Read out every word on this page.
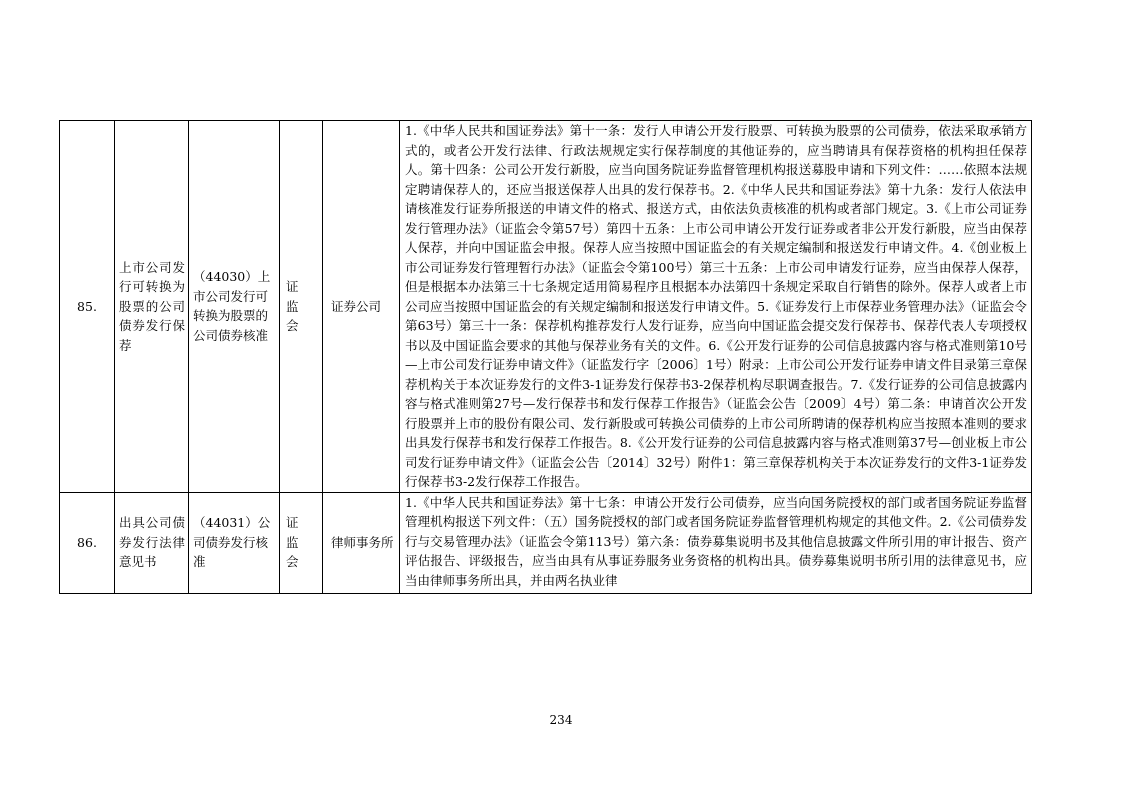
85.	上市公司发行可转换为股票的公司债券发行保荐	（44030）上市公司发行可转换为股票的公司债券核准	证监会	证券公司	1.《中华人民共和国证券法》第十一条：发行人申请公开发行股票、可转换为股票的公司债券，依法采取承销方式的，或者公开发行法律、行政法规规定实行保荐制度的其他证券的，应当聘请具有保荐资格的机构担任保荐人。第十四条：公司公开发行新股，应当向国务院证券监督管理机构报送募股申请和下列文件：……依照本法规定聘请保荐人的，还应当报送保荐人出具的发行保荐书。2.《中华人民共和国证券法》第十九条：发行人依法申请核准发行证券所报送的申请文件的格式、报送方式，由依法负责核准的机构或者部门规定。3.《上市公司证券发行管理办法》（证监会令第57号）第四十五条：上市公司申请公开发行证券或者非公开发行新股，应当由保荐人保荐，并向中国证监会申报。保荐人应当按照中国证监会的有关规定编制和报送发行申请文件。4.《创业板上市公司证券发行管理暂行办法》（证监会令第100号）第三十五条：上市公司申请发行证券，应当由保荐人保荐，但是根据本办法第三十七条规定适用简易程序且根据本办法第四十条规定采取自行销售的除外。保荐人或者上市公司应当按照中国证监会的有关规定编制和报送发行申请文件。5.《证券发行上市保荐业务管理办法》（证监会令第63号）第三十一条：保荐机构推荐发行人发行证券，应当向中国证监会提交发行保荐书、保荐代表人专项授权书以及中国证监会要求的其他与保荐业务有关的文件。6.《公开发行证券的公司信息披露内容与格式准则第10号—上市公司发行证券申请文件》（证监发行字〔2006〕1号）附录：上市公司公开发行证券申请文件目录第三章保荐机构关于本次证券发行的文件3-1证券发行保荐书3-2保荐机构尽职调查报告。7.《发行证券的公司信息披露内容与格式准则第27号—发行保荐书和发行保荐工作报告》（证监会公告〔2009〕4号）第二条：申请首次公开发行股票并上市的股份有限公司、发行新股或可转换公司债券的上市公司所聘请的保荐机构应当按照本准则的要求出具发行保荐书和发行保荐工作报告。8.《公开发行证券的公司信息披露内容与格式准则第37号—创业板上市公司发行证券申请文件》（证监会公告〔2014〕32号）附件1：第三章保荐机构关于本次证券发行的文件3-1证券发行保荐书3-2发行保荐工作报告。

86.	出具公司债券发行法律意见书	（44031）公司债券发行核准	证监会	律师事务所	1.《中华人民共和国证券法》第十七条：申请公开发行公司债券，应当向国务院授权的部门或者国务院证券监督管理机构报送下列文件：（五）国务院授权的部门或者国务院证券监督管理机构规定的其他文件。2.《公司债券发行与交易管理办法》（证监会令第113号）第六条：债券募集说明书及其他信息披露文件所引用的审计报告、资产评估报告、评级报告，应当由具有从事证券服务业务资格的机构出具。债券募集说明书所引用的法律意见书，应当由律师事务所出具，并由两名执业律

234
